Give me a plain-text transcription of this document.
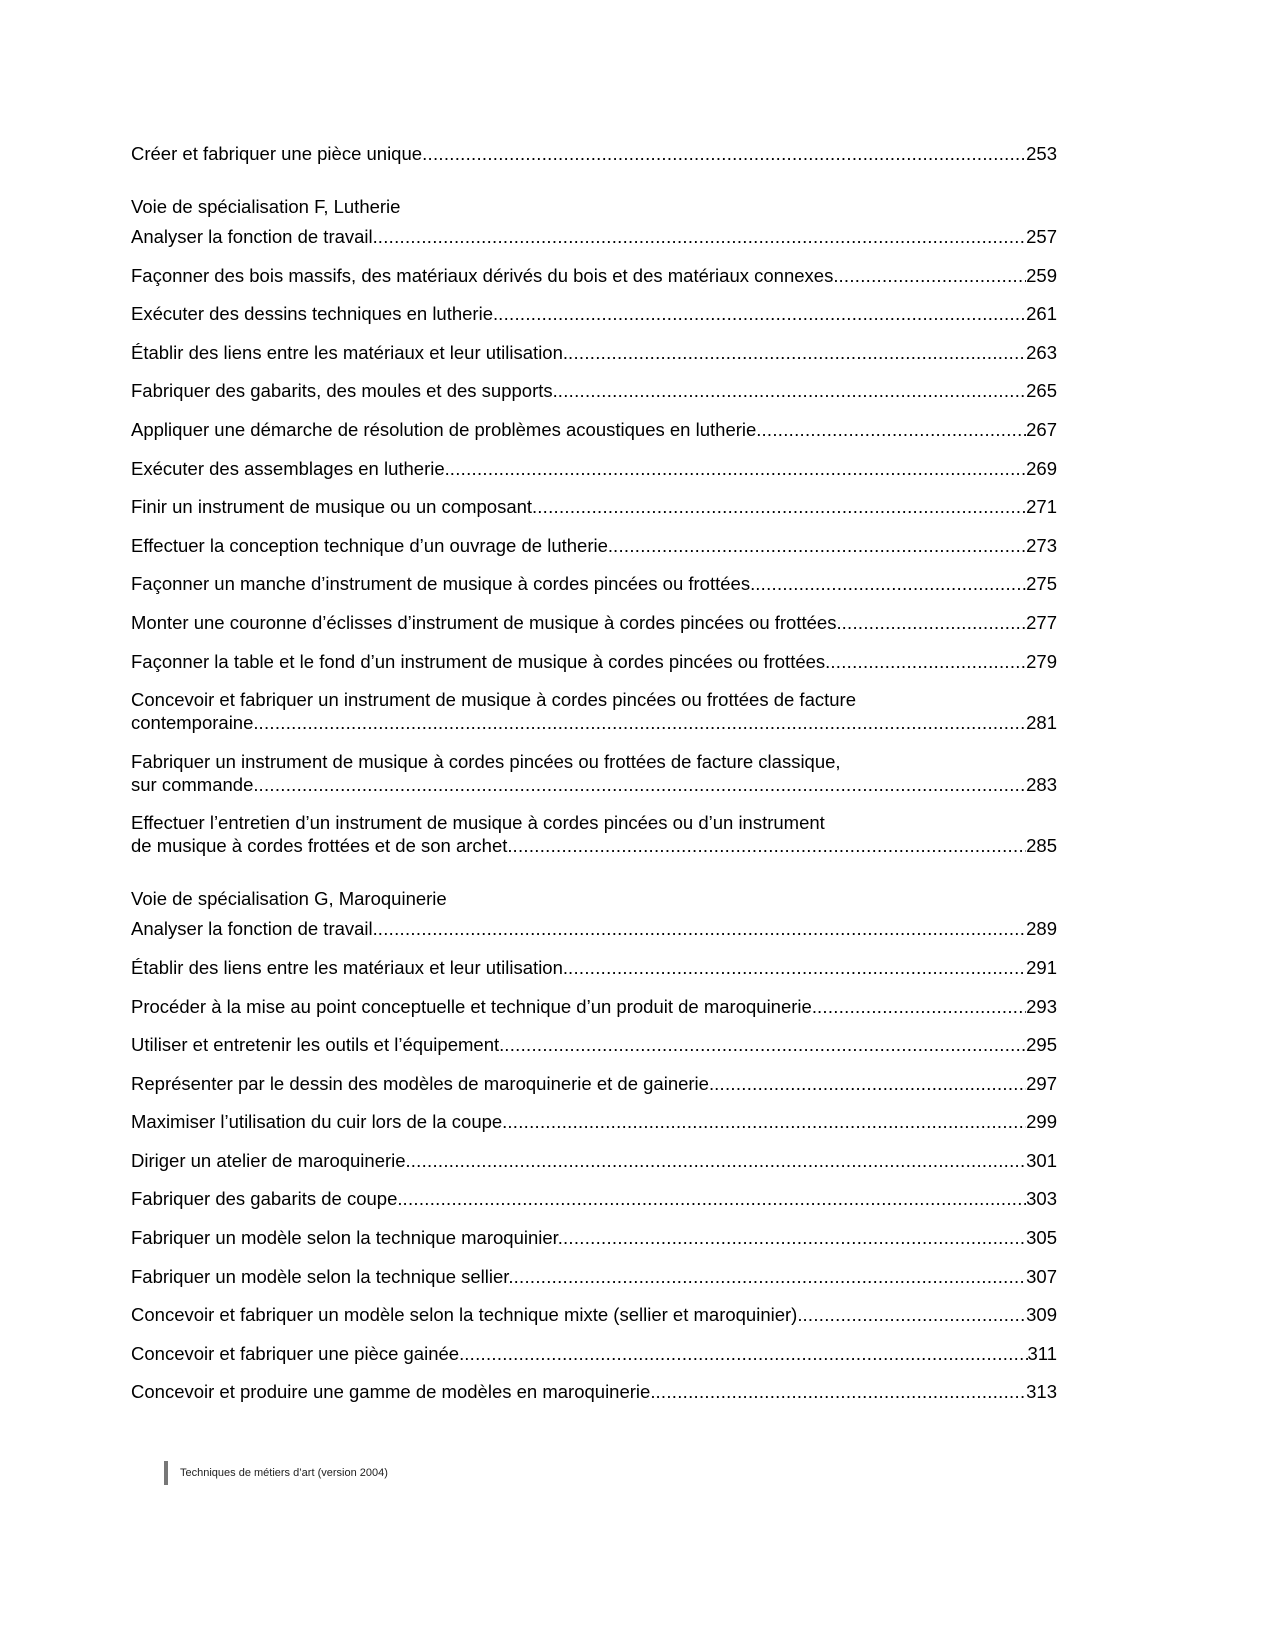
Créer et fabriquer une pièce unique .....	253
Voie de spécialisation F, Lutherie
Analyser la fonction de travail. .....	257
Façonner des bois massifs, des matériaux dérivés du bois et des matériaux connexes. .....	259
Exécuter des dessins techniques en lutherie. .....	261
Établir des liens entre les matériaux et leur utilisation. .....	263
Fabriquer des gabarits, des moules et des supports. .....	265
Appliquer une démarche de résolution de problèmes acoustiques en lutherie. .....	267
Exécuter des assemblages en lutherie. .....	269
Finir un instrument de musique ou un composant. .....	271
Effectuer la conception technique d’un ouvrage de lutherie. .....	273
Façonner un manche d’instrument de musique à cordes pincées ou frottées. .....	275
Monter une couronne d’éclisses d’instrument de musique à cordes pincées ou frottées. .....	277
Façonner la table et le fond d’un instrument de musique à cordes pincées ou frottées. .....	279
Concevoir et fabriquer un instrument de musique à cordes pincées ou frottées de facture
contemporaine. .....	281
Fabriquer un instrument de musique à cordes pincées ou frottées de facture classique,
sur commande. .....	283
Effectuer l’entretien d’un instrument de musique à cordes pincées ou d’un instrument
de musique à cordes frottées et de son archet. .....	285
Voie de spécialisation G, Maroquinerie
Analyser la fonction de travail. .....	289
Établir des liens entre les matériaux et leur utilisation. .....	291
Procéder à la mise au point conceptuelle et technique d’un produit de maroquinerie. .....	293
Utiliser et entretenir les outils et l’équipement. .....	295
Représenter par le dessin des modèles de maroquinerie et de gainerie. .....	297
Maximiser l’utilisation du cuir lors de la coupe. .....	299
Diriger un atelier de maroquinerie. .....	301
Fabriquer des gabarits de coupe. .....	303
Fabriquer un modèle selon la technique maroquinier. .....	305
Fabriquer un modèle selon la technique sellier. .....	307
Concevoir et fabriquer un modèle selon la technique mixte (sellier et maroquinier). .....	309
Concevoir et fabriquer une pièce gainée. .....	311
Concevoir et produire une gamme de modèles en maroquinerie. .....	313
Techniques de métiers d’art (version 2004)
